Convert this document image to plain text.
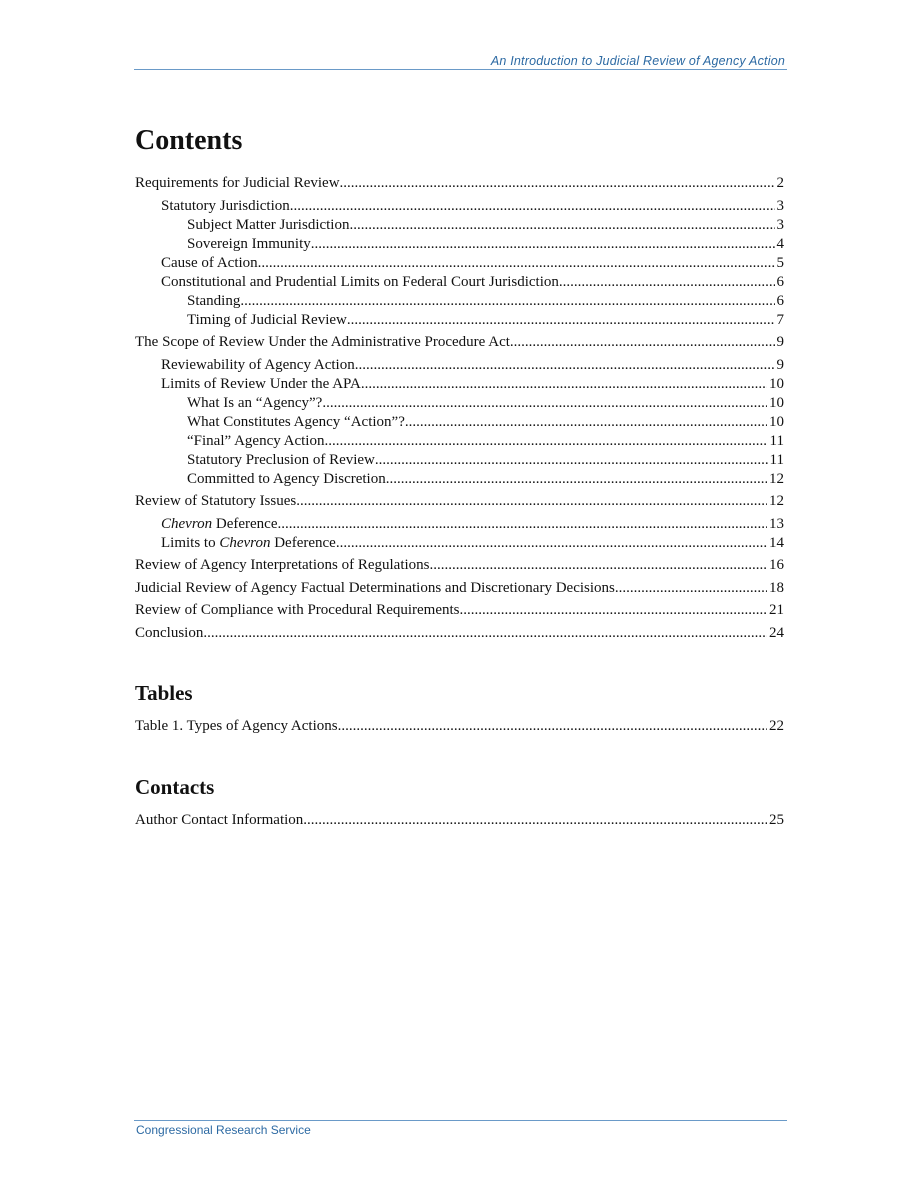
An Introduction to Judicial Review of Agency Action
Contents
Requirements for Judicial Review .....	2
Statutory Jurisdiction .....	3
Subject Matter Jurisdiction .....	3
Sovereign Immunity .....	4
Cause of Action .....	5
Constitutional and Prudential Limits on Federal Court Jurisdiction .....	6
Standing .....	6
Timing of Judicial Review .....	7
The Scope of Review Under the Administrative Procedure Act .....	9
Reviewability of Agency Action .....	9
Limits of Review Under the APA .....	10
What Is an “Agency”? .....	10
What Constitutes Agency “Action”? .....	10
“Final” Agency Action .....	11
Statutory Preclusion of Review .....	11
Committed to Agency Discretion .....	12
Review of Statutory Issues .....	12
Chevron Deference .....	13
Limits to Chevron Deference .....	14
Review of Agency Interpretations of Regulations .....	16
Judicial Review of Agency Factual Determinations and Discretionary Decisions .....	18
Review of Compliance with Procedural Requirements .....	21
Conclusion .....	24
Tables
Table 1. Types of Agency Actions .....	22
Contacts
Author Contact Information .....	25
Congressional Research Service
